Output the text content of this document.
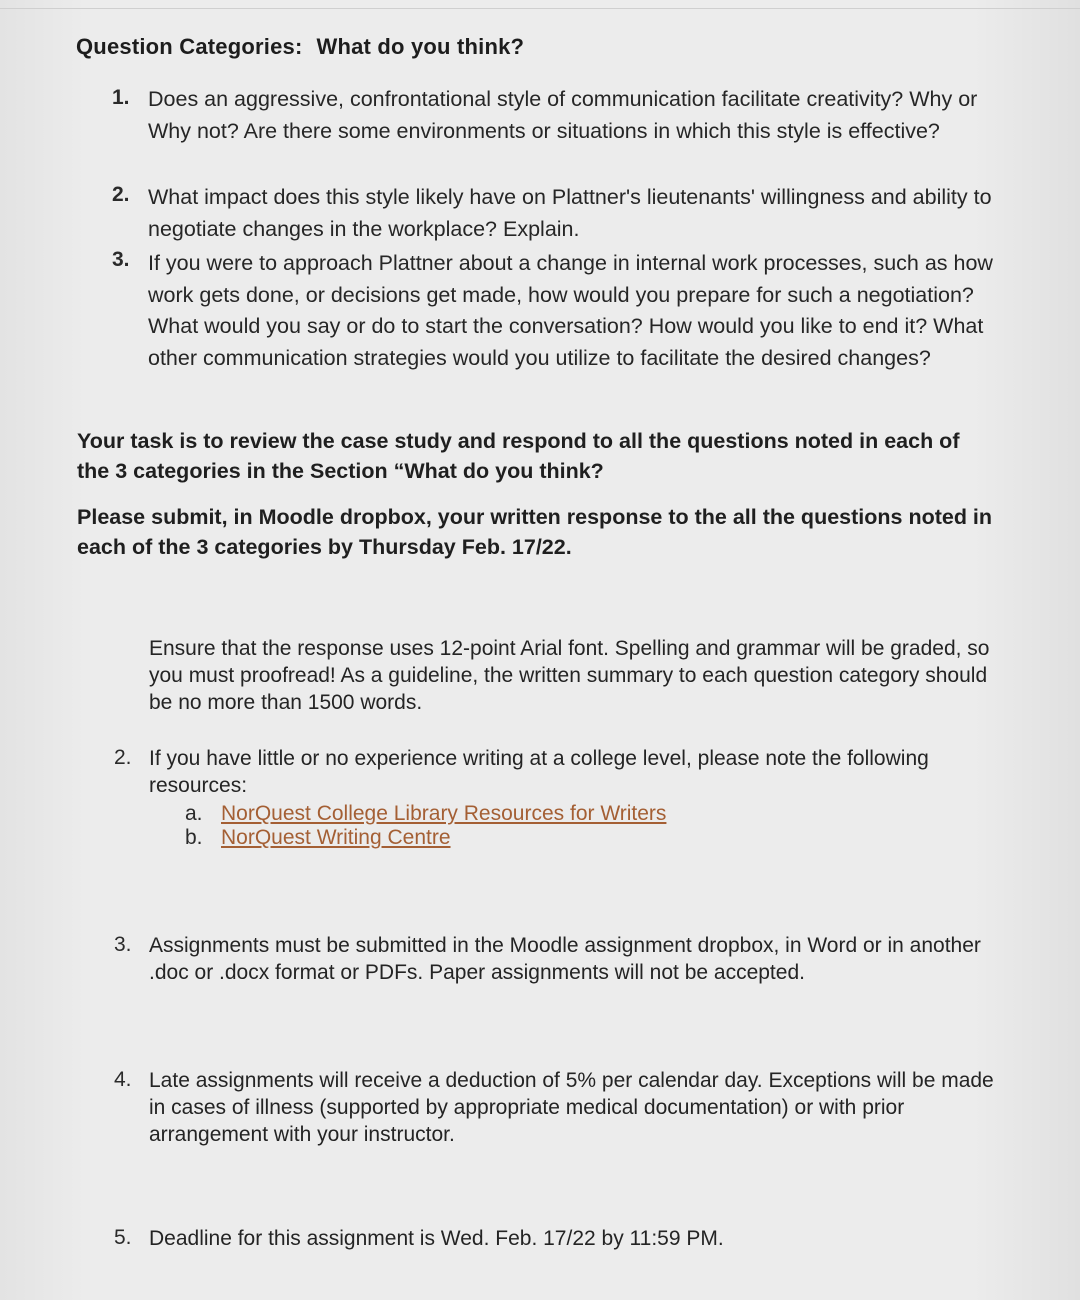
Question Categories: What do you think?
1. Does an aggressive, confrontational style of communication facilitate creativity? Why or Why not? Are there some environments or situations in which this style is effective?
2. What impact does this style likely have on Plattner's lieutenants' willingness and ability to negotiate changes in the workplace? Explain.
3. If you were to approach Plattner about a change in internal work processes, such as how work gets done, or decisions get made, how would you prepare for such a negotiation? What would you say or do to start the conversation? How would you like to end it? What other communication strategies would you utilize to facilitate the desired changes?
Your task is to review the case study and respond to all the questions noted in each of the 3 categories in the Section “What do you think?
Please submit, in Moodle dropbox, your written response to the all the questions noted in each of the 3 categories by Thursday Feb. 17/22.
Ensure that the response uses 12-point Arial font. Spelling and grammar will be graded, so you must proofread! As a guideline, the written summary to each question category should be no more than 1500 words.
2. If you have little or no experience writing at a college level, please note the following resources:
a. NorQuest College Library Resources for Writers
b. NorQuest Writing Centre
3. Assignments must be submitted in the Moodle assignment dropbox, in Word or in another .doc or .docx format or PDFs. Paper assignments will not be accepted.
4. Late assignments will receive a deduction of 5% per calendar day. Exceptions will be made in cases of illness (supported by appropriate medical documentation) or with prior arrangement with your instructor.
5. Deadline for this assignment is Wed. Feb. 17/22 by 11:59 PM.
